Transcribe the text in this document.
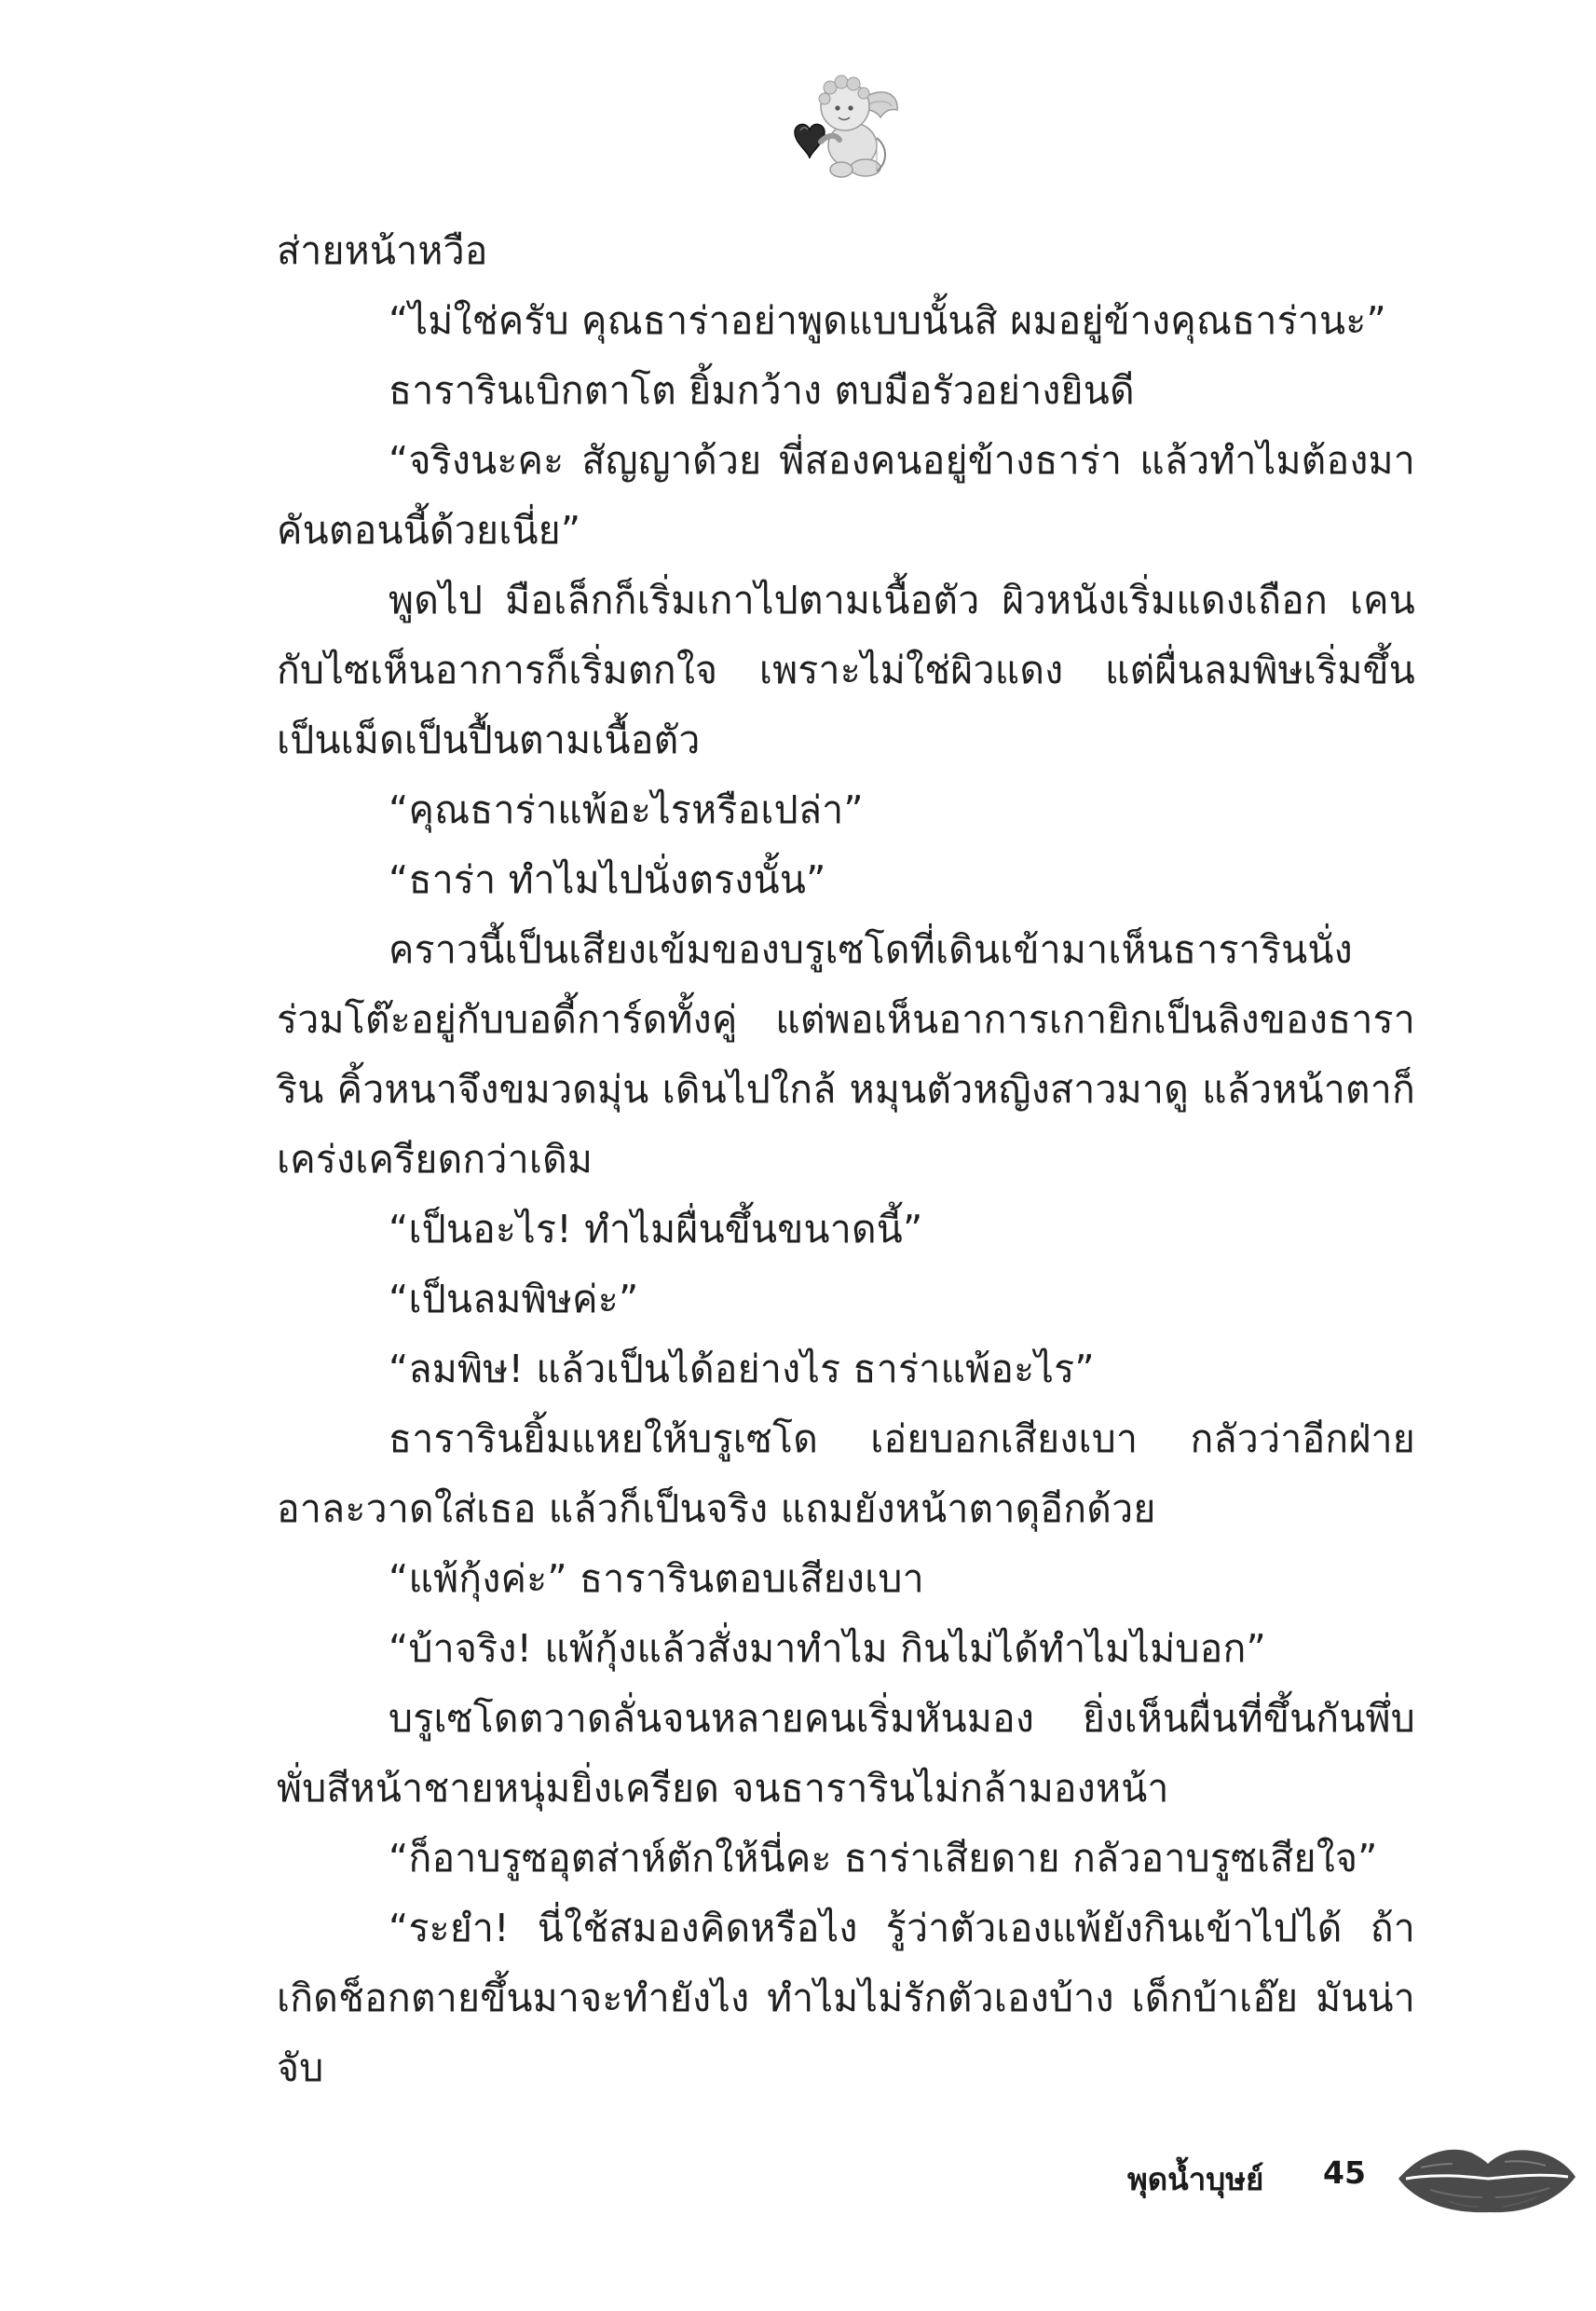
ส่ายหน้าหวือ

“ไม่ใช่ครับ คุณธาร่าอย่าพูดแบบนั้นสิ ผมอยู่ข้างคุณธาร่านะ”

ธารารินเบิกตาโต ยิ้มกว้าง ตบมือรัวอย่างยินดี

“จริงนะคะ สัญญาด้วย พี่สองคนอยู่ข้างธาร่า แล้วทำไมต้องมาคันตอนนี้ด้วยเนี่ย”

พูดไป มือเล็กก็เริ่มเกาไปตามเนื้อตัว ผิวหนังเริ่มแดงเถือก เคนกับไซเห็นอาการก็เริ่มตกใจ เพราะไม่ใช่ผิวแดง แต่ผื่นลมพิษเริ่มขึ้นเป็นเม็ดเป็นปื้นตามเนื้อตัว

“คุณธาร่าแพ้อะไรหรือเปล่า”

“ธาร่า ทำไมไปนั่งตรงนั้น”

คราวนี้เป็นเสียงเข้มของบรูเซโดที่เดินเข้ามาเห็นธารารินนั่งร่วมโต๊ะอยู่กับบอดี้การ์ดทั้งคู่ แต่พอเห็นอาการเกายิกเป็นลิงของธาราริน คิ้วหนาจึงขมวดมุ่น เดินไปใกล้ หมุนตัวหญิงสาวมาดู แล้วหน้าตาก็เคร่งเครียดกว่าเดิม

“เป็นอะไร! ทำไมผื่นขึ้นขนาดนี้”

“เป็นลมพิษค่ะ”

“ลมพิษ! แล้วเป็นได้อย่างไร ธาร่าแพ้อะไร”

ธารารินยิ้มแหยให้บรูเซโด เอ่ยบอกเสียงเบา กลัวว่าอีกฝ่ายอาละวาดใส่เธอ แล้วก็เป็นจริง แถมยังหน้าตาดุอีกด้วย

“แพ้กุ้งค่ะ” ธารารินตอบเสียงเบา

“บ้าจริง! แพ้กุ้งแล้วสั่งมาทำไม กินไม่ได้ทำไมไม่บอก”

บรูเซโดตวาดลั่นจนหลายคนเริ่มหันมอง ยิ่งเห็นผื่นที่ขึ้นกันพึ่บพั่บสีหน้าชายหนุ่มยิ่งเครียด จนธารารินไม่กล้ามองหน้า

“ก็อาบรูซอุตส่าห์ตักให้นี่คะ ธาร่าเสียดาย กลัวอาบรูซเสียใจ”

“ระยำ! นี่ใช้สมองคิดหรือไง รู้ว่าตัวเองแพ้ยังกินเข้าไปได้ ถ้าเกิดช็อกตายขึ้นมาจะทำยังไง ทำไมไม่รักตัวเองบ้าง เด็กบ้าเอ๊ย มันน่าจับ

พุดน้ำบุษย์ 45
